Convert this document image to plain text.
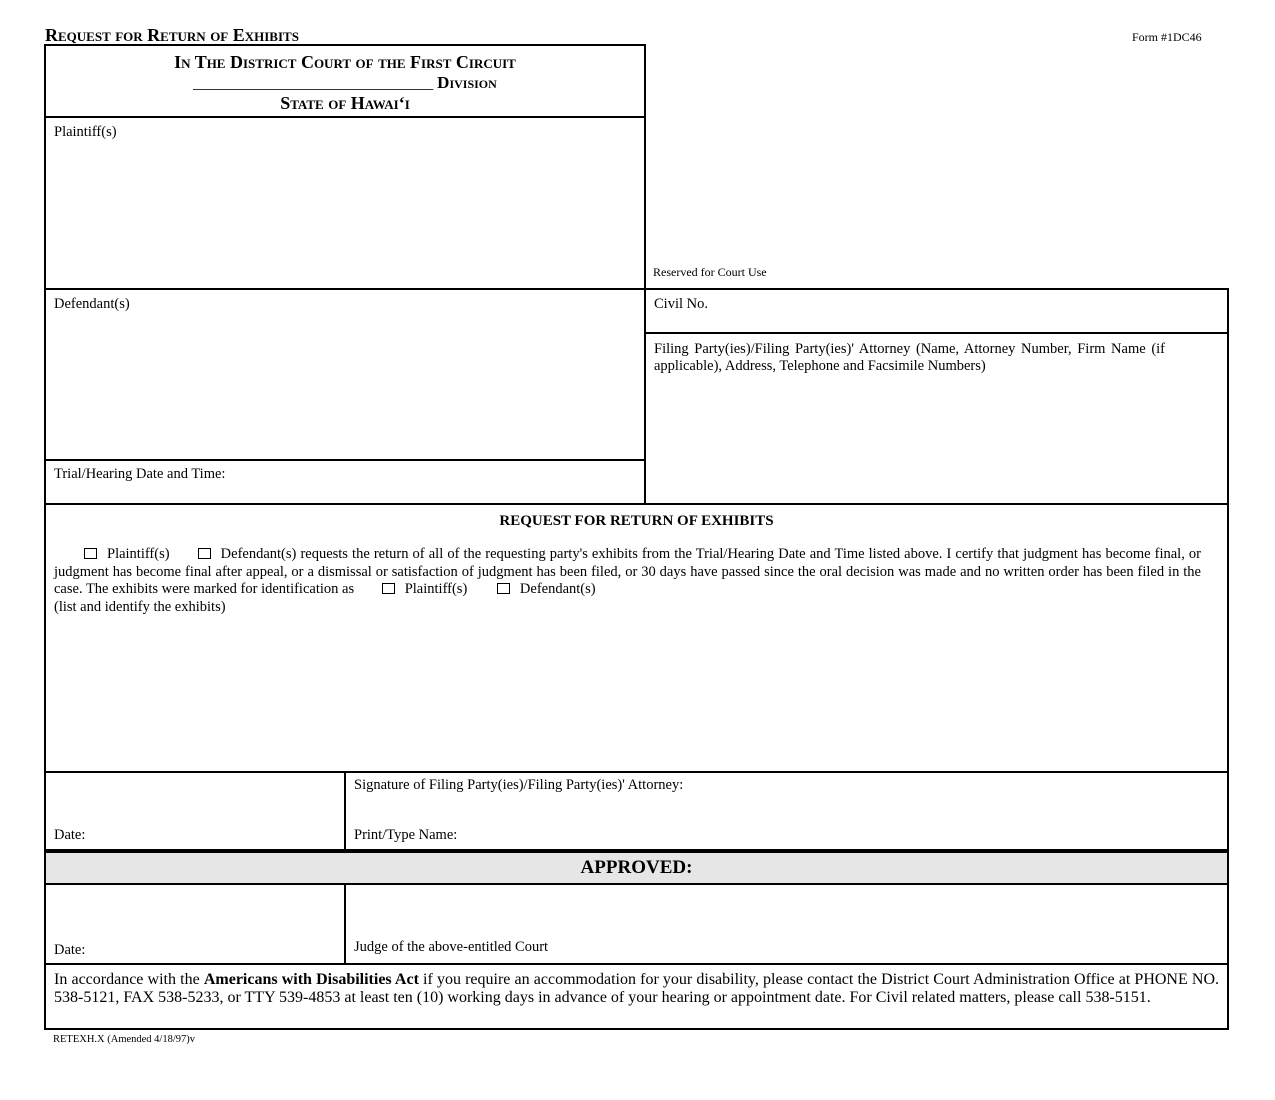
Request for Return of Exhibits	Form #1DC46
In The District Court of the First Circuit
______________________________ Division
State of Hawai‘i
Plaintiff(s)
Reserved for Court Use
Defendant(s)
Trial/Hearing Date and Time:
Civil No.
Filing Party(ies)/Filing Party(ies)' Attorney (Name, Attorney Number, Firm Name (if applicable), Address, Telephone and Facsimile Numbers)
REQUEST FOR RETURN OF EXHIBITS
Plaintiff(s)	Defendant(s) requests the return of all of the requesting party's exhibits from the Trial/Hearing Date and Time listed above. I certify that judgment has become final, or judgment has become final after appeal, or a dismissal or satisfaction of judgment has been filed, or 30 days have passed since the oral decision was made and no written order has been filed in the case. The exhibits were marked for identification as	Plaintiff(s)	Defendant(s)
(list and identify the exhibits)
Date:
Signature of Filing Party(ies)/Filing Party(ies)' Attorney:
Print/Type Name:
APPROVED:
Date:	Judge of the above-entitled Court
In accordance with the Americans with Disabilities Act if you require an accommodation for your disability, please contact the District Court Administration Office at PHONE NO. 538-5121, FAX 538-5233, or TTY 539-4853 at least ten (10) working days in advance of your hearing or appointment date. For Civil related matters, please call 538-5151.
RETEXH.X (Amended 4/18/97)v
